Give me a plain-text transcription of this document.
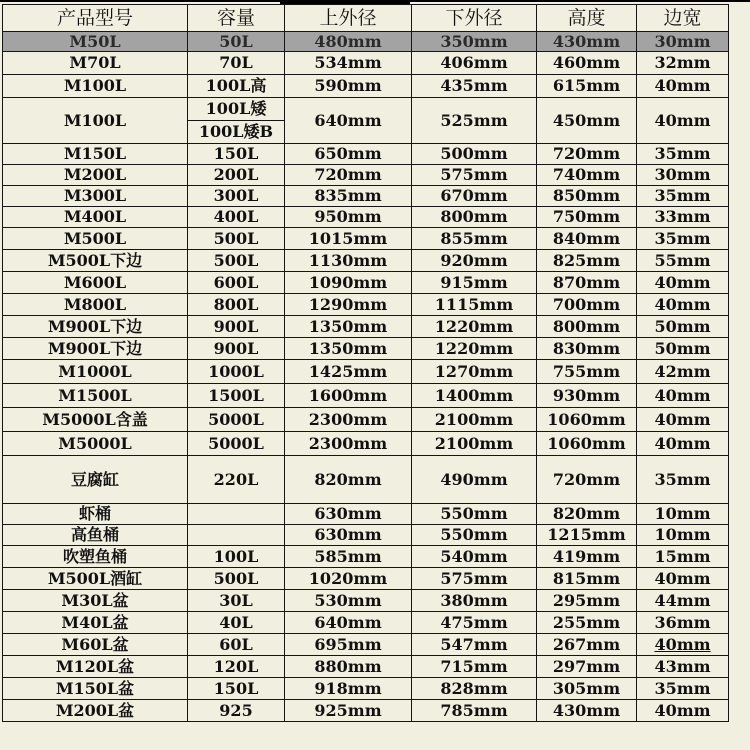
产品型号	容量	上外径	下外径	高度	边宽
M50L	50L	480mm	350mm	430mm	30mm
M70L	70L	534mm	406mm	460mm	32mm
M100L	100L高	590mm	435mm	615mm	40mm
M100L	100L矮	640mm	525mm	450mm	40mm
	100L矮B				
M150L	150L	650mm	500mm	720mm	35mm
M200L	200L	720mm	575mm	740mm	30mm
M300L	300L	835mm	670mm	850mm	35mm
M400L	400L	950mm	800mm	750mm	33mm
M500L	500L	1015mm	855mm	840mm	35mm
M500L下边	500L	1130mm	920mm	825mm	55mm
M600L	600L	1090mm	915mm	870mm	40mm
M800L	800L	1290mm	1115mm	700mm	40mm
M900L下边	900L	1350mm	1220mm	800mm	50mm
M900L下边	900L	1350mm	1220mm	830mm	50mm
M1000L	1000L	1425mm	1270mm	755mm	42mm
M1500L	1500L	1600mm	1400mm	930mm	40mm
M5000L含盖	5000L	2300mm	2100mm	1060mm	40mm
M5000L	5000L	2300mm	2100mm	1060mm	40mm
豆腐缸	220L	820mm	490mm	720mm	35mm
虾桶		630mm	550mm	820mm	10mm
高鱼桶		630mm	550mm	1215mm	10mm
吹塑鱼桶	100L	585mm	540mm	419mm	15mm
M500L酒缸	500L	1020mm	575mm	815mm	40mm
M30L盆	30L	530mm	380mm	295mm	44mm
M40L盆	40L	640mm	475mm	255mm	36mm
M60L盆	60L	695mm	547mm	267mm	40mm
M120L盆	120L	880mm	715mm	297mm	43mm
M150L盆	150L	918mm	828mm	305mm	35mm
M200L盆	925	925mm	785mm	430mm	40mm
